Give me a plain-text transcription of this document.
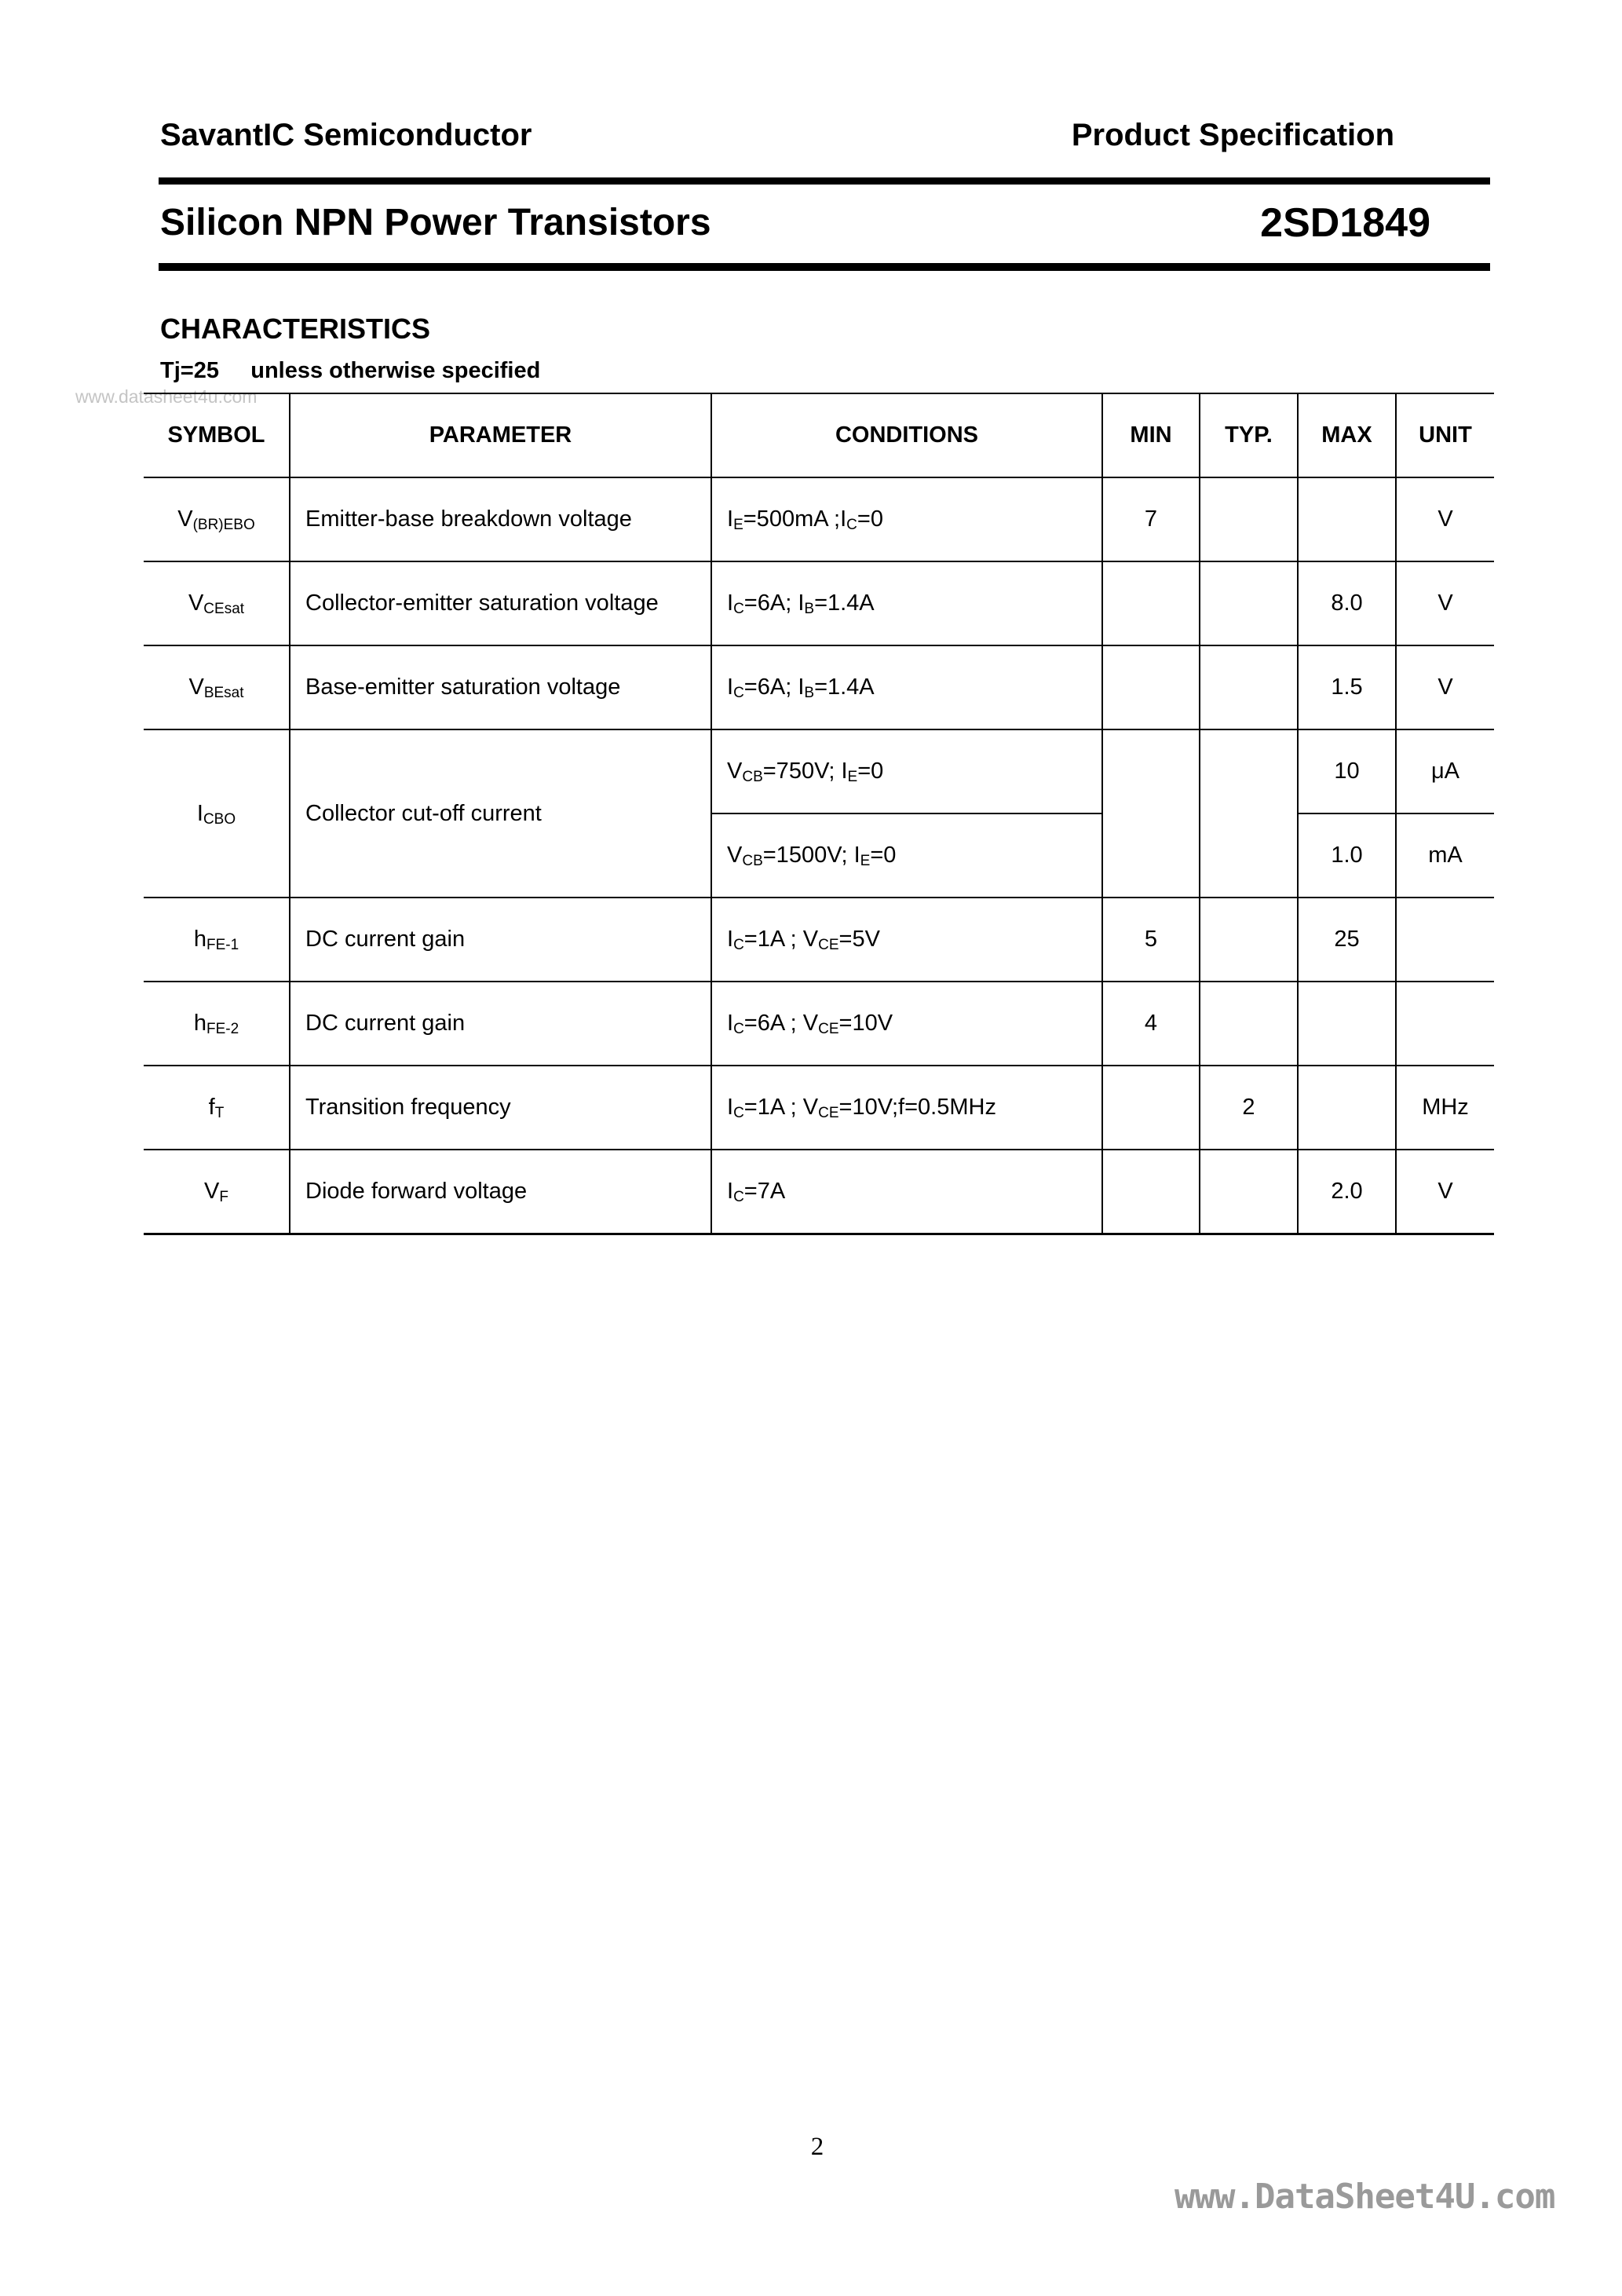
SavantIC Semiconductor	Product Specification
Silicon NPN Power Transistors	2SD1849
CHARACTERISTICS
Tj=25     unless otherwise specified
www.datasheet4u.com
SYMBOL	PARAMETER	CONDITIONS	MIN	TYP.	MAX	UNIT
$V_{(BR)EBO}$	Emitter-base breakdown voltage	$I_E=500mA$ $;I_C=0$	7			V
$V_{CEsat}$	Collector-emitter saturation voltage	$I_C=6A$; $I_B=1.4A$			8.0	V
$V_{BEsat}$	Base-emitter saturation voltage	$I_C=6A$; $I_B=1.4A$			1.5	V
$I_{CBO}$	Collector cut-off current	$V_{CB}=750V$; $I_E=0$			10	μA
		$V_{CB}=1500V$; $I_E=0$			1.0	mA
$h_{FE-1}$	DC current gain	$I_C=1A$ ; $V_{CE}=5V$	5		25	
$h_{FE-2}$	DC current gain	$I_C=6A$ ; $V_{CE}=10V$	4			
$f_T$	Transition frequency	$I_C=1A$ ; $V_{CE}=10V;f=0.5MHz$		2		MHz
$V_F$	Diode forward voltage	$I_C=7A$			2.0	V
2
www.DataSheet4U.com
